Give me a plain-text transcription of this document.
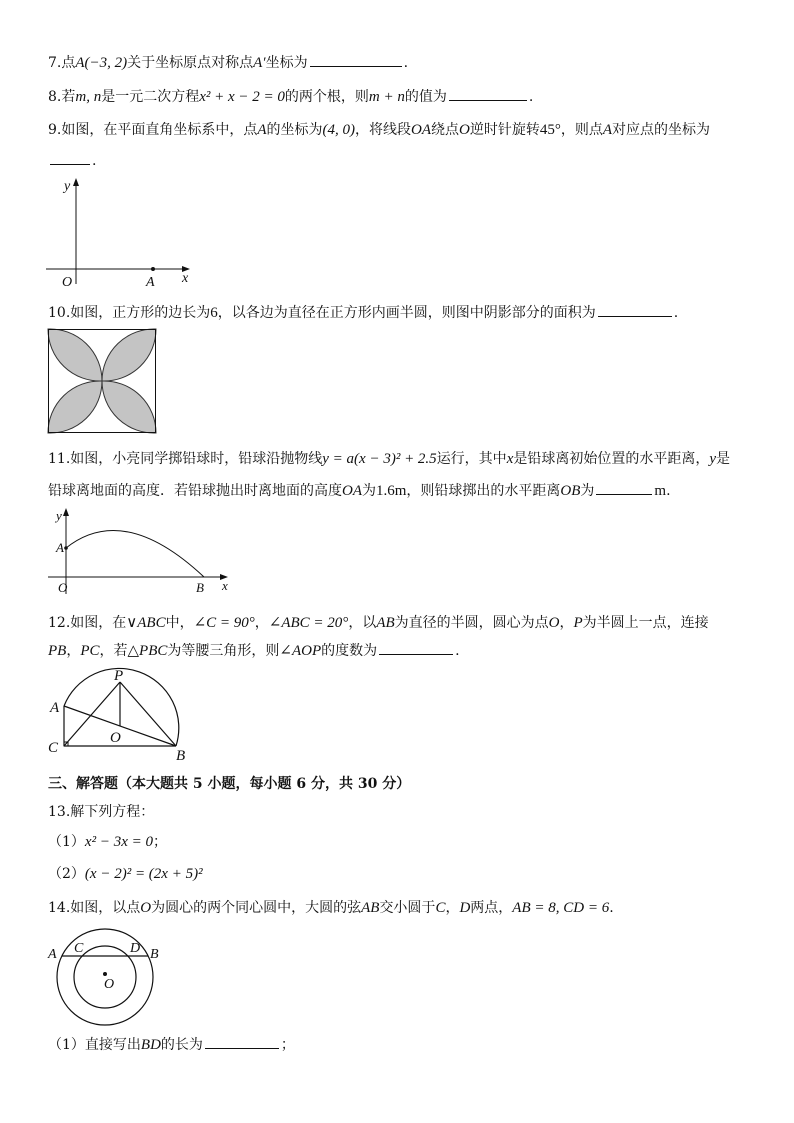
7.点A(−3, 2)关于坐标原点对称点A′坐标为	.
8.若m, n是一元二次方程x² + x − 2 = 0的两个根，则m + n的值为	.
9.如图，在平面直角坐标系中，点A的坐标为(4, 0)，将线段OA绕点O逆时针旋转45°，则点A对应点的坐标为
.
y
x
O	A
10.如图，正方形的边长为6，以各边为直径在正方形内画半圆，则图中阴影部分的面积为	.
11.如图，小亮同学掷铅球时，铅球沿抛物线y = a(x − 3)² + 2.5运行，其中x是铅球离初始位置的水平距离，y是
铅球离地面的高度．若铅球抛出时离地面的高度OA为1.6m，则铅球掷出的水平距离OB为	m.
y
x
A
O	B
12.如图，在∨ABC中，∠C = 90°，∠ABC = 20°，以AB为直径的半圆，圆心为点O，P为半圆上一点，连接
PB，PC，若△PBC为等腰三角形，则∠AOP的度数为	.
A
P
O
C	B
三、解答题（本大题共 5 小题，每小题 6 分，共 30 分）
13.解下列方程：
（1）x² − 3x = 0；
（2）(x − 2)² = (2x + 5)²
14.如图，以点O为圆心的两个同心圆中，大圆的弦AB交小圆于C，D两点，AB = 8, CD = 6.
A C	D B
O
（1）直接写出BD的长为	；
